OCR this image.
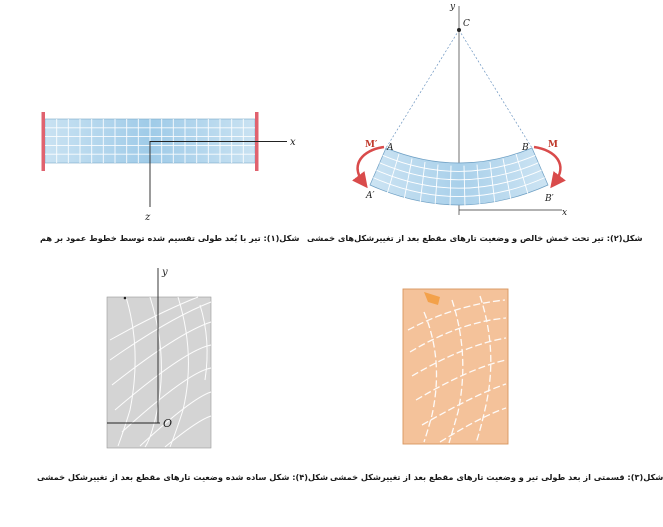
x
z
y
C
A	B
A′	B′
M′	M
x
y
O
شکل(۱): تیر با بُعد طولی تقسیم شده توسط خطوط عمود بر هم شکل(۲): تیر تحت خمش خالص و وضعیت تارهای مقطع بعد از تغییرشکل‌های خمشی
شکل(۴): شکل ساده شده وضعیت تارهای مقطع بعد از تغییرشکل خمشی شکل(۳): قسمتی از بعد طولی تیر و وضعیت تارهای مقطع بعد از تغییرشکل خمشی
